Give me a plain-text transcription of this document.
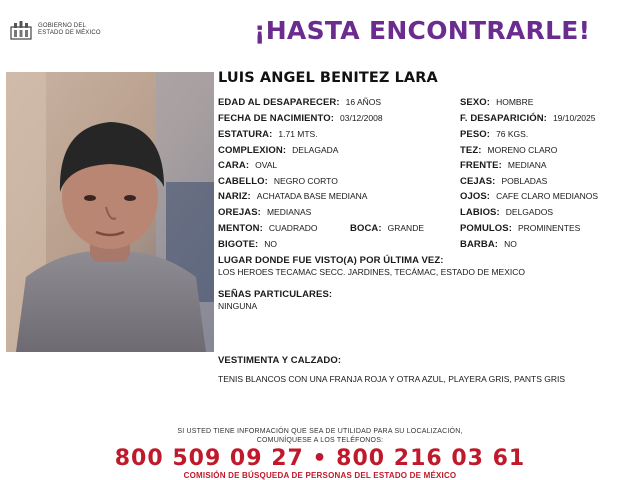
GOBIERNO DEL
ESTADO DE MÉXICO	¡HASTA ENCONTRARLE!
LUIS ANGEL BENITEZ LARA
EDAD AL DESAPARECER: 16 AÑOS	SEXO: HOMBRE
FECHA DE NACIMIENTO: 03/12/2008	F. DESAPARICIÓN: 19/10/2025
ESTATURA: 1.71 MTS.	PESO: 76 KGS.
COMPLEXION: DELAGADA	TEZ: MORENO CLARO
CARA: OVAL	FRENTE: MEDIANA
CABELLO: NEGRO CORTO	CEJAS: POBLADAS
NARIZ: ACHATADA BASE MEDIANA	OJOS: CAFE CLARO MEDIANOS
OREJAS: MEDIANAS	LABIOS: DELGADOS
MENTON: CUADRADO	BOCA: GRANDE	POMULOS: PROMINENTES
BIGOTE: NO	BARBA: NO
LUGAR DONDE FUE VISTO(A) POR ÚLTIMA VEZ:
LOS HEROES TECAMAC SECC. JARDINES, TECÁMAC, ESTADO DE MEXICO
SEÑAS PARTICULARES:
NINGUNA
VESTIMENTA Y CALZADO:
TENIS BLANCOS CON UNA FRANJA ROJA Y OTRA AZUL, PLAYERA GRIS, PANTS GRIS
SI USTED TIENE INFORMACIÓN QUE SEA DE UTILIDAD PARA SU LOCALIZACIÓN,
COMUNÍQUESE A LOS TELÉFONOS:
800 509 09 27 • 800 216 03 61
COMISIÓN DE BÚSQUEDA DE PERSONAS DEL ESTADO DE MÉXICO
